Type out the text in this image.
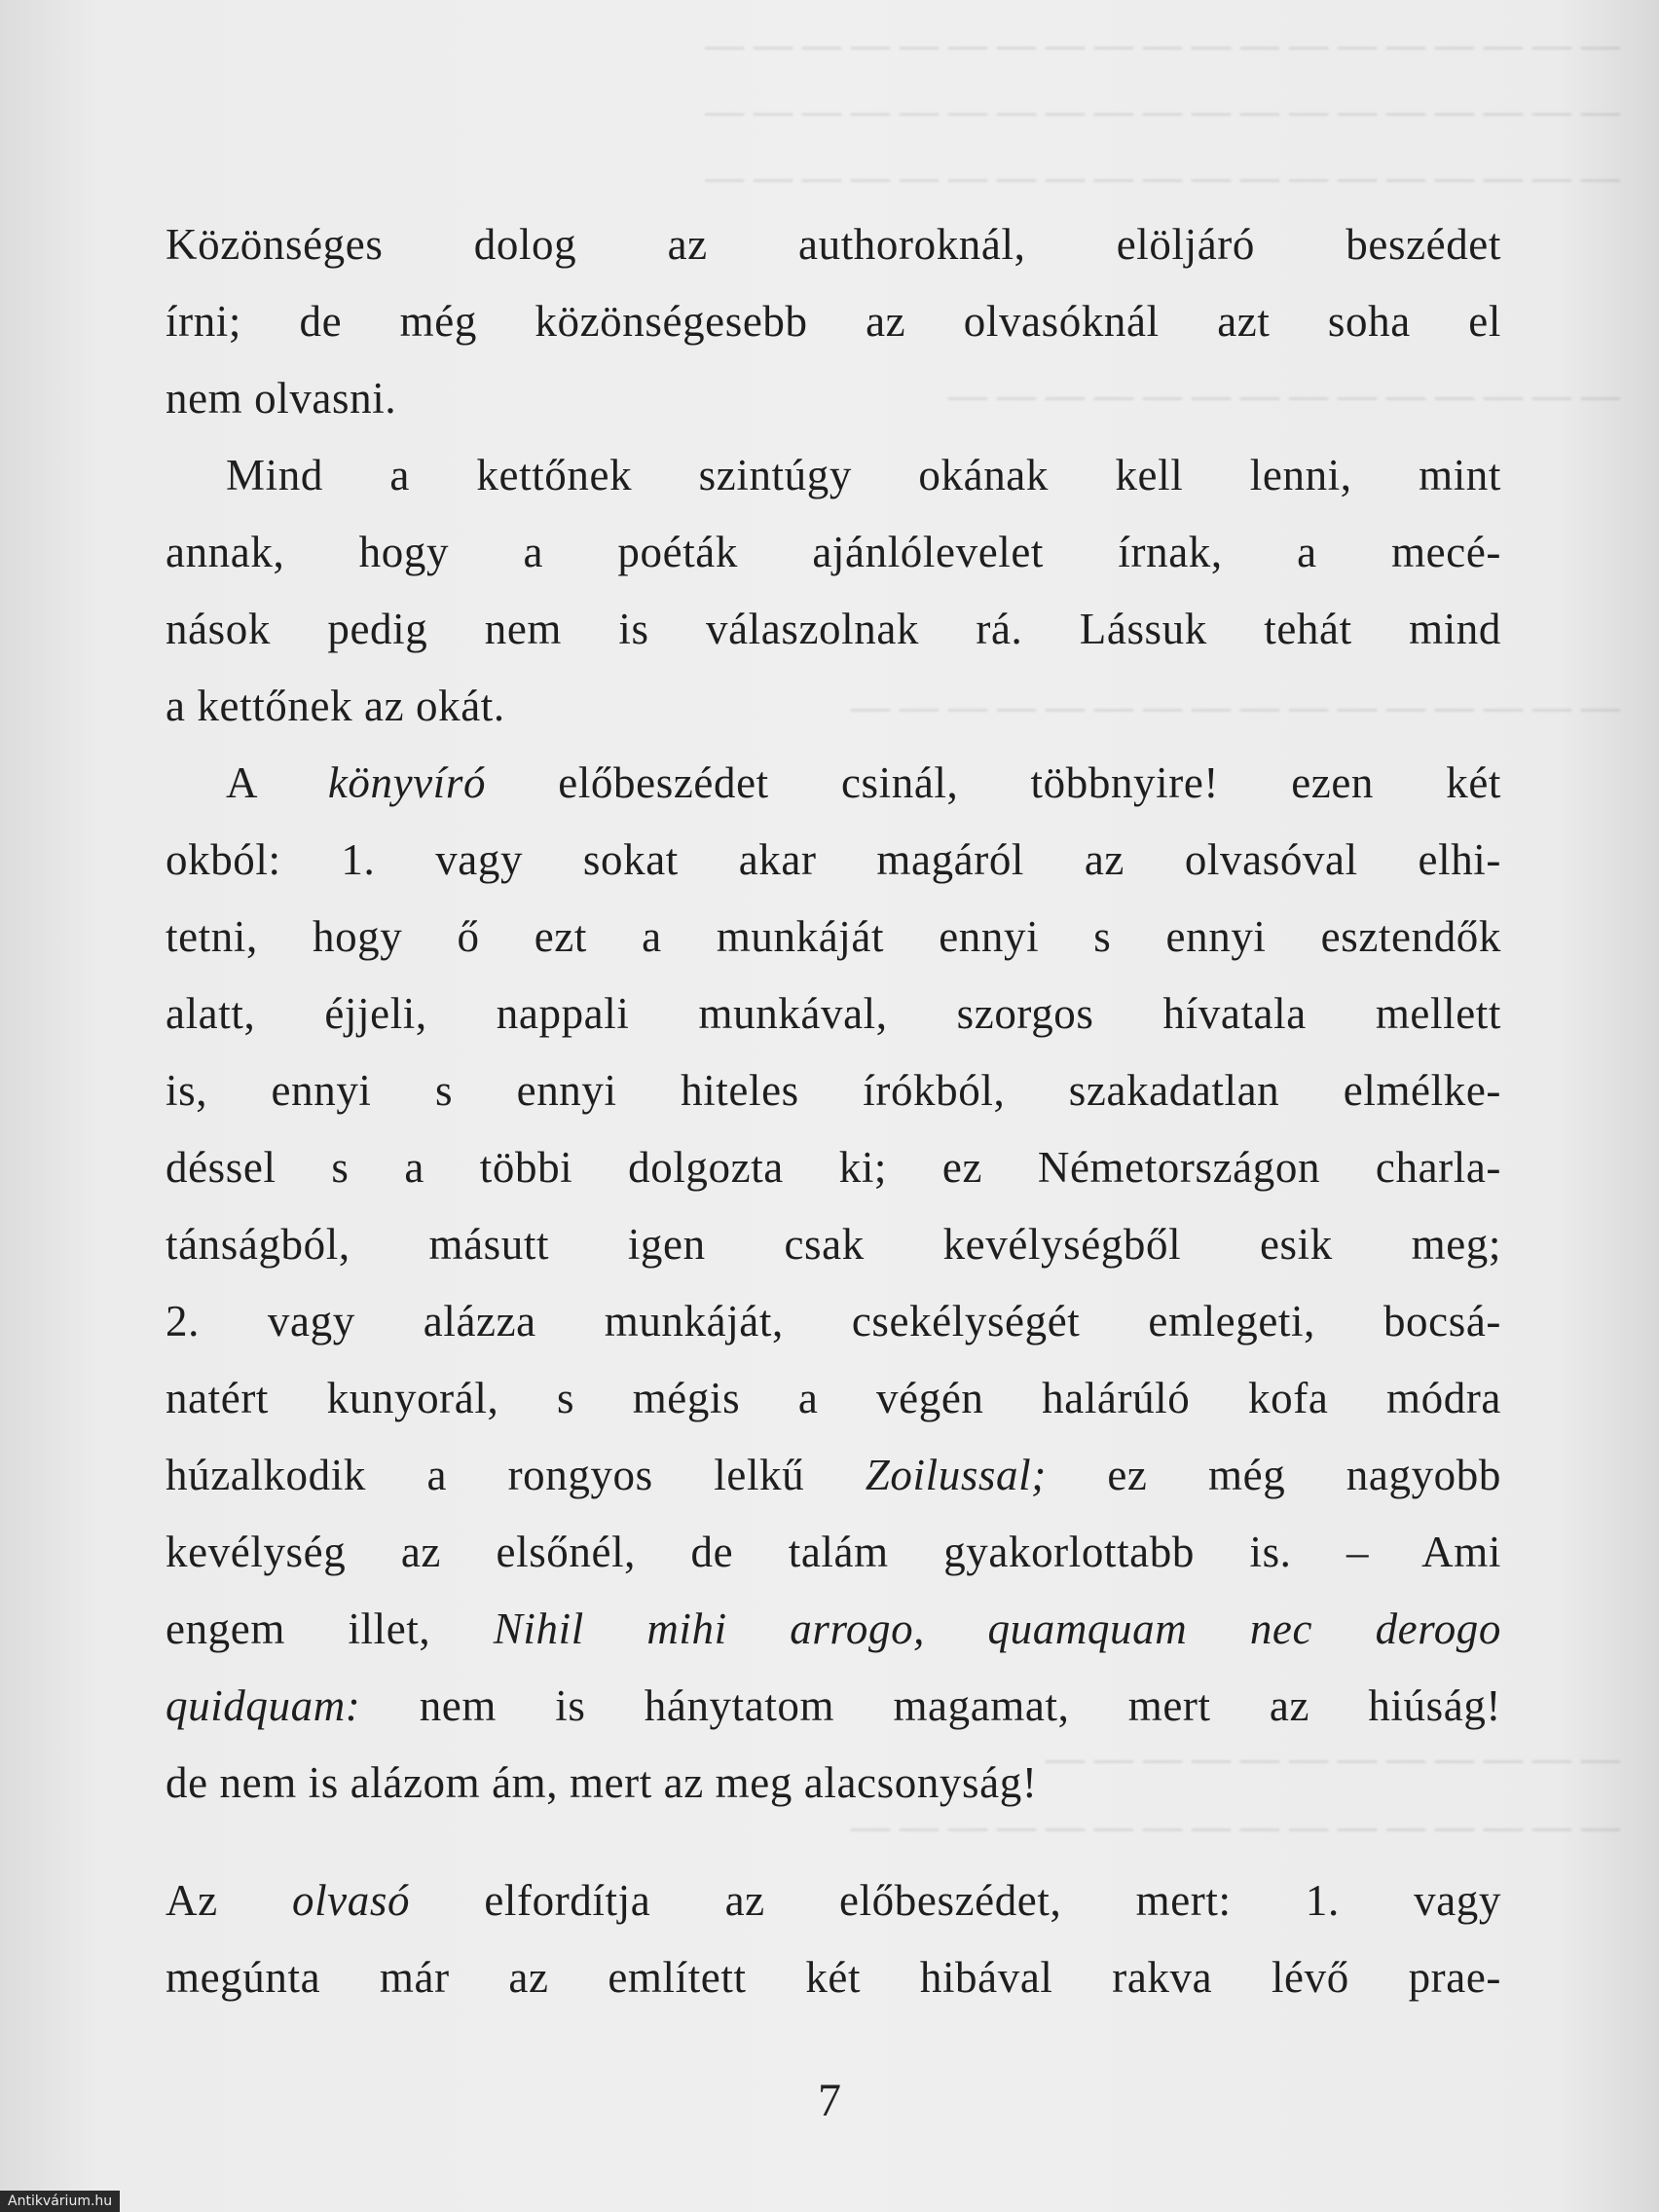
— — — — — — — — — — — — — — — — — — —
— — — — — — — — — — — — — — — — — — —
— — — — — — — — — — — — — — — — — — —
— — — — — — — — — — — — — —
— — — — — — — — — — — — — — — —
— — — — — — — — — — — —
— — — — — — — — — — — — — — — —
Közönséges dolog az authoroknál, elöljáró beszédet
írni; de még közönségesebb az olvasóknál azt soha el
nem olvasni.
Mind a kettőnek szintúgy okának kell lenni, mint
annak, hogy a poéták ajánlólevelet írnak, a mecé-
nások pedig nem is válaszolnak rá. Lássuk tehát mind
a kettőnek az okát.
A könyvíró előbeszédet csinál, többnyire! ezen két
okból: 1. vagy sokat akar magáról az olvasóval elhi-
tetni, hogy ő ezt a munkáját ennyi s ennyi esztendők
alatt, éjjeli, nappali munkával, szorgos hívatala mellett
is, ennyi s ennyi hiteles írókból, szakadatlan elmélke-
déssel s a többi dolgozta ki; ez Németországon charla-
tánságból, másutt igen csak kevélységből esik meg;
2. vagy alázza munkáját, csekélységét emlegeti, bocsá-
natért kunyorál, s mégis a végén halárúló kofa módra
húzalkodik a rongyos lelkű Zoilussal; ez még nagyobb
kevélység az elsőnél, de talám gyakorlottabb is. – Ami
engem illet, Nihil mihi arrogo, quamquam nec derogo
quidquam: nem is hánytatom magamat, mert az hiúság!
de nem is alázom ám, mert az meg alacsonyság!
Az olvasó elfordítja az előbeszédet, mert: 1. vagy
megúnta már az említett két hibával rakva lévő prae-
7
Antikvárium.hu
